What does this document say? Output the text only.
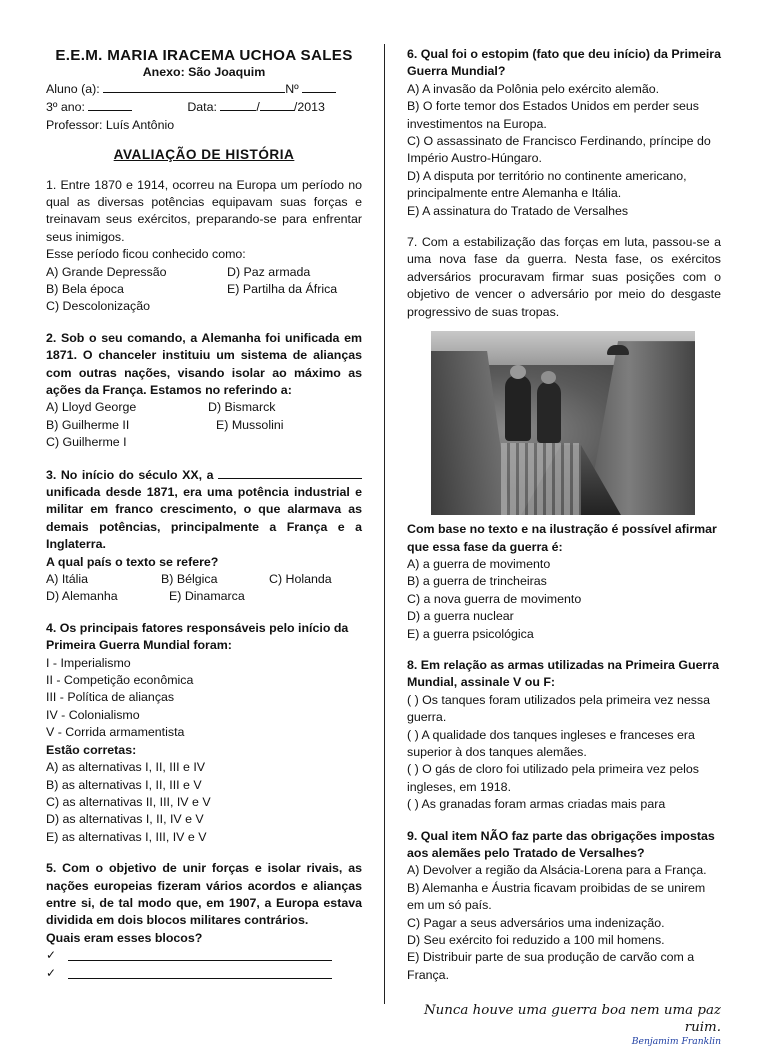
E.E.M. MARIA IRACEMA UCHOA SALES

Anexo: São Joaquim

Aluno (a):	Nº

3º ano:	Data:	/	/2013

Professor: Luís Antônio

AVALIAÇÃO DE HISTÓRIA

1. Entre 1870 e 1914, ocorreu na Europa um período no qual as diversas potências equipavam suas forças e treinavam seus exércitos, preparando-se para enfrentar seus inimigos.

Esse período ficou conhecido como:

A) Grande Depressão	D) Paz armada
B) Bela época	E) Partilha da África
C) Descolonização

2. Sob o seu comando, a Alemanha foi unificada em 1871. O chanceler instituiu um sistema de alianças com outras nações, visando isolar ao máximo as ações da França. Estamos no referindo a:

A) Lloyd George	D) Bismarck
B) Guilherme II	E) Mussolini
C) Guilherme I

3. No início do século XX, a  unificada desde 1871, era uma potência industrial e militar em franco crescimento, o que alarmava as demais potências, principalmente a França e a Inglaterra.

A qual país o texto se refere?

A) Itália	B) Bélgica	C) Holanda
D) Alemanha	E) Dinamarca

4. Os principais fatores responsáveis pelo início da Primeira Guerra Mundial foram:

I - Imperialismo

II - Competição econômica

III - Política de alianças

IV - Colonialismo

V - Corrida armamentista

Estão corretas:

A) as alternativas I, II, III e IV

B) as alternativas I, II, III e V

C) as alternativas II, III, IV e V

D) as alternativas I, II, IV e V

E) as alternativas I, III, IV e V

5. Com o objetivo de unir forças e isolar rivais, as nações europeias fizeram vários acordos e alianças entre si, de tal modo que, em 1907, a Europa estava dividida em dois blocos militares contrários.

Quais eram esses blocos?

✓
✓

6. Qual foi o estopim (fato que deu início) da Primeira Guerra Mundial?

A) A invasão da Polônia pelo exército alemão.

B) O forte temor dos Estados Unidos em perder seus investimentos na Europa.

C) O assassinato de Francisco Ferdinando, príncipe do Império Austro-Húngaro.

D) A disputa por território no continente americano, principalmente entre Alemanha e Itália.

E) A assinatura do Tratado de Versalhes

7. Com a estabilização das forças em luta, passou-se a uma nova fase da guerra. Nesta fase, os exércitos adversários procuravam firmar suas posições com o objetivo de vencer o adversário por meio do desgaste progressivo de suas tropas.

Com base no texto e na ilustração é possível afirmar que essa fase da guerra é:

A) a guerra de movimento

B) a guerra de trincheiras

C) a nova guerra de movimento

D) a guerra nuclear

E) a guerra psicológica

8. Em relação as armas utilizadas na Primeira Guerra Mundial, assinale V ou F:

( ) Os tanques foram utilizados pela primeira vez nessa guerra.

( ) A qualidade dos tanques ingleses e franceses era superior à dos tanques alemães.

( ) O gás de cloro foi utilizado pela primeira vez pelos ingleses, em 1918.

( ) As granadas foram armas criadas mais para

9. Qual item NÃO faz parte das obrigações impostas aos alemães pelo Tratado de Versalhes?

A) Devolver a região da Alsácia-Lorena para a França.

B) Alemanha e Áustria ficavam proibidas de se unirem em um só país.

C) Pagar a seus adversários uma indenização.

D) Seu exército foi reduzido a 100 mil homens.

E) Distribuir parte de sua produção de carvão com a França.

Nunca houve uma guerra boa nem uma paz ruim.

Benjamim Franklin
